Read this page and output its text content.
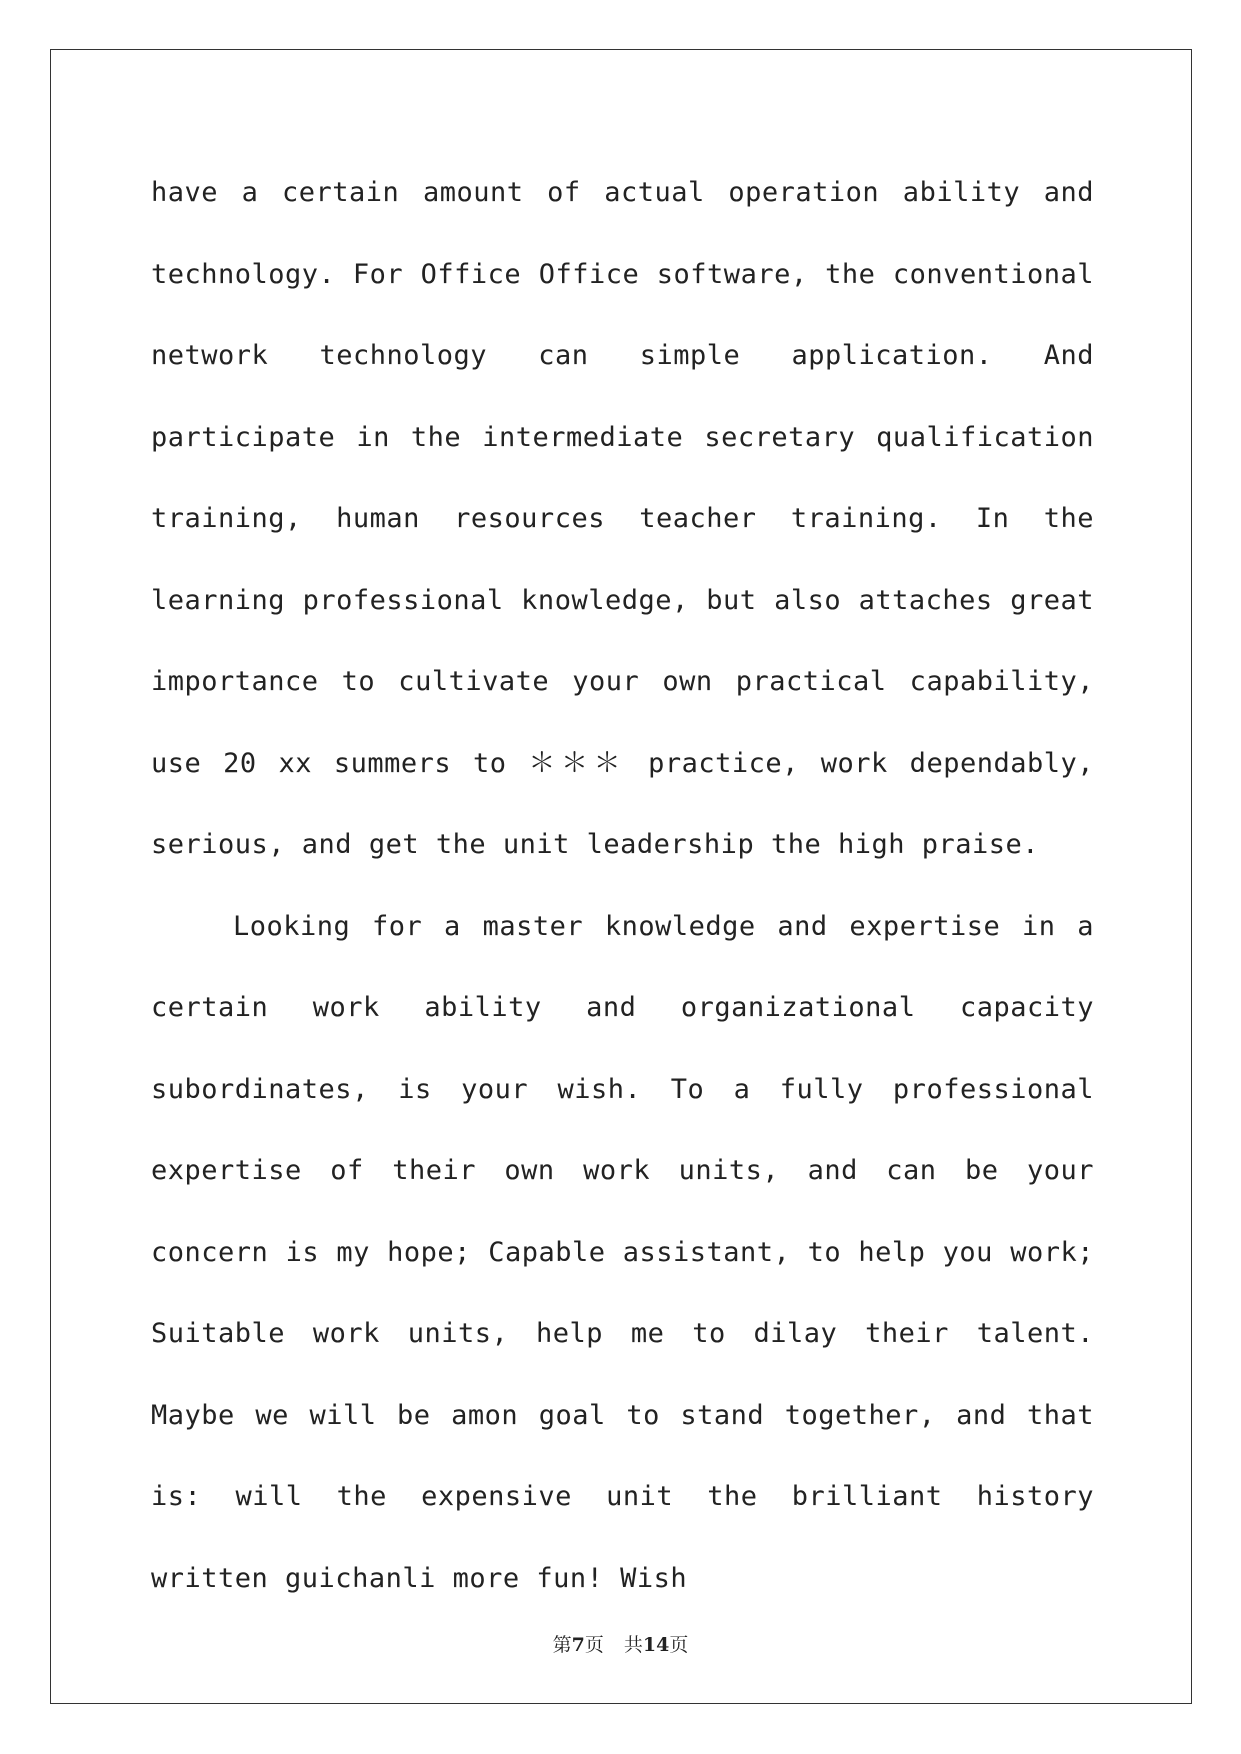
have a certain amount of actual operation ability and technology. For Office Office software, the conventional network technology can simple application. And participate in the intermediate secretary qualification training, human resources teacher training. In the learning professional knowledge, but also attaches great importance to cultivate your own practical capability, use 20 xx summers to ＊＊＊ practice, work dependably, serious, and get the unit leadership the high praise.

Looking for a master knowledge and expertise in a certain work ability and organizational capacity subordinates, is your wish. To a fully professional expertise of their own work units, and can be your concern is my hope; Capable assistant, to help you work; Suitable work units, help me to dilay their talent. Maybe we will be amon goal to stand together, and that is: will the expensive unit the brilliant history written guichanli more fun! Wish

第7页 共14页
